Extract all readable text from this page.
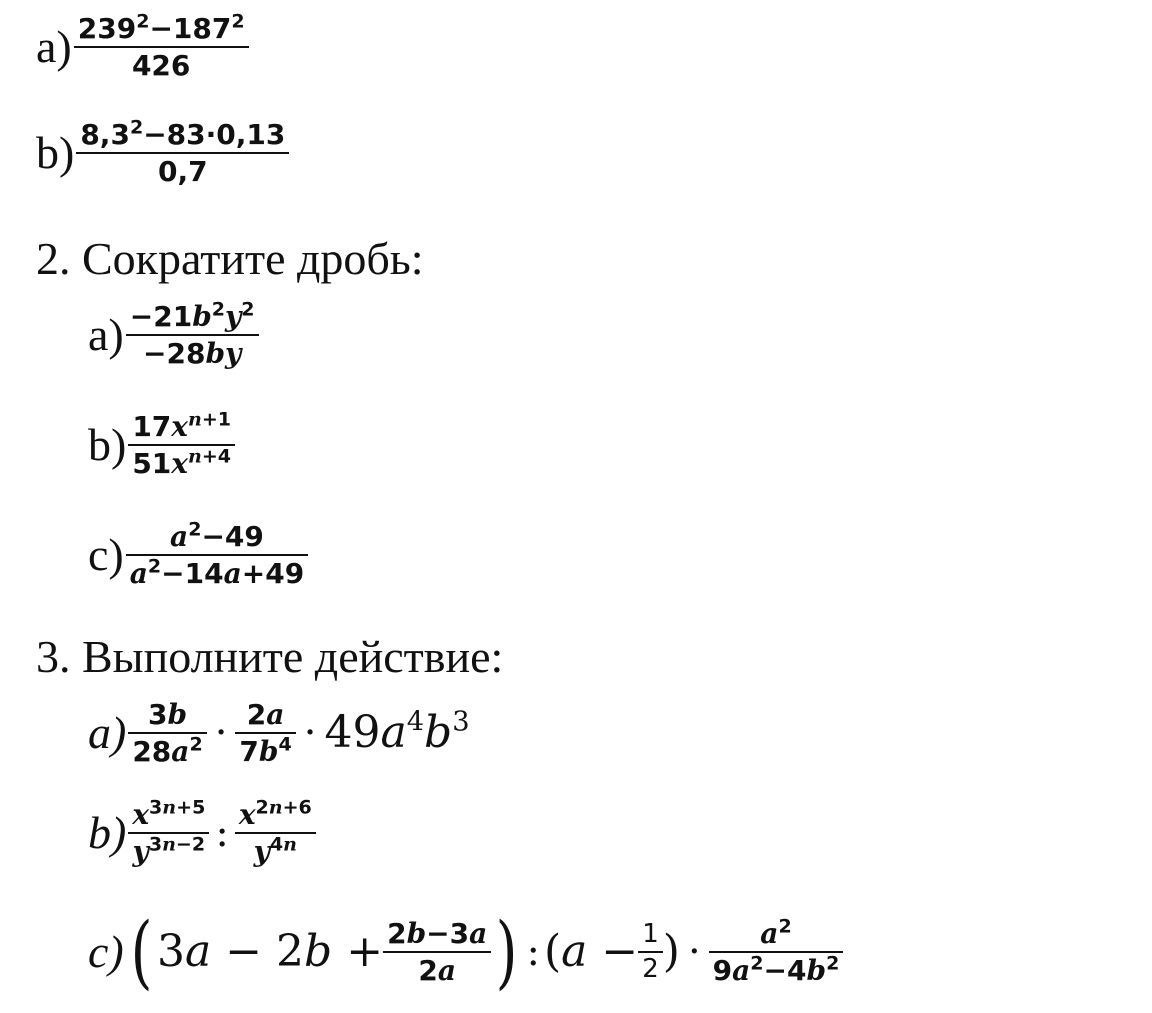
$a) \frac{239^2-187^2}{426}$
$b) \frac{8,3^2-83\cdot 0,13}{0,7}$
2. Сократите дробь:
$a) \frac{-21b^2y^2}{-28by}$
$b) \frac{17x^{n+1}}{51x^{n+4}}$
$c) \frac{a^2-49}{a^2-14a+49}$
3. Выполните действие:
$a) \frac{3b}{28a^2} \cdot \frac{2a}{7b^4} \cdot 49a^4b^3$
$b) \frac{x^{3n+5}}{y^{3n-2}}$ : $\frac{x^{2n+6}}{y^{4n}}$
c) ( $3a - 2b + \frac{2b-3a}{2a}$ ) : ($a - \frac{1}{2}$ ) · $\frac{a^2}{9a^2-4b^2}$
